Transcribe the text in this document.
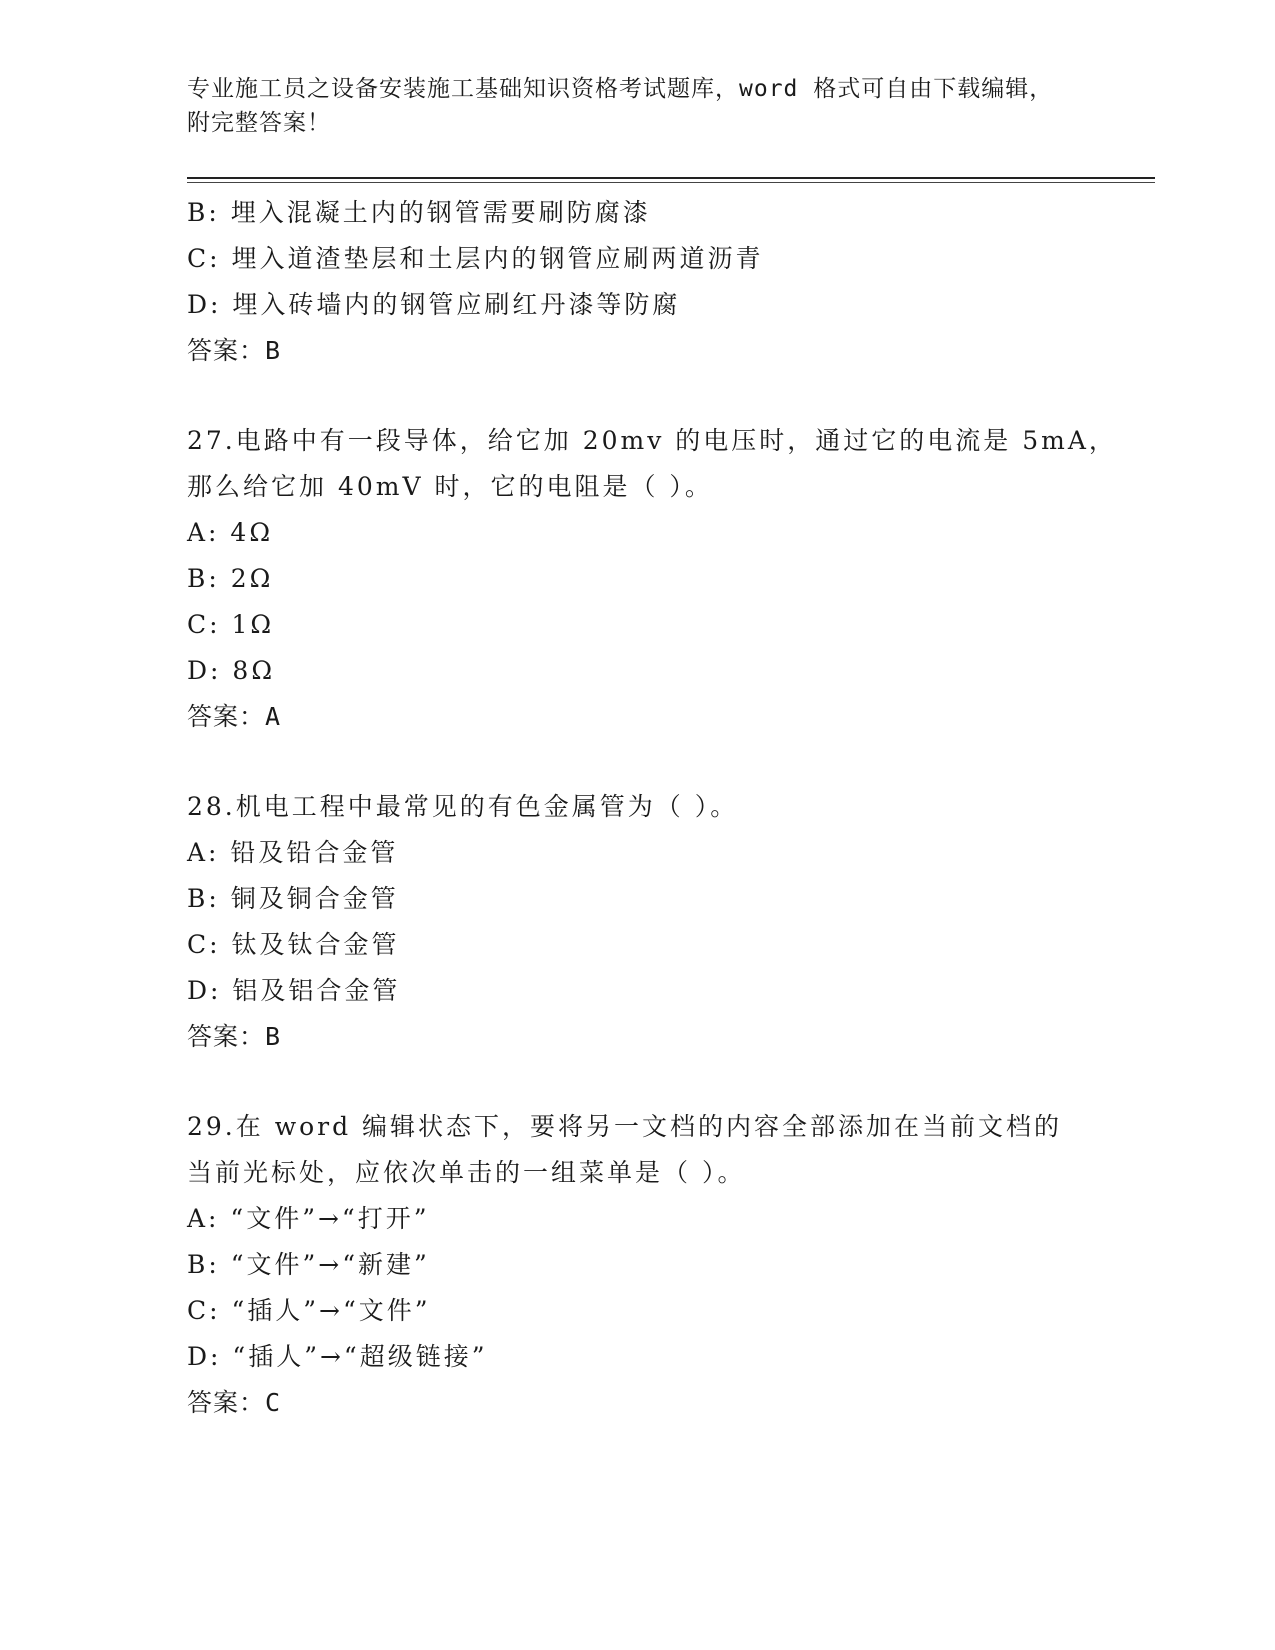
专业施工员之设备安装施工基础知识资格考试题库，word 格式可自由下载编辑，
附完整答案！
B: 埋入混凝土内的钢管需要刷防腐漆
C: 埋入道渣垫层和土层内的钢管应刷两道沥青
D: 埋入砖墙内的钢管应刷红丹漆等防腐
答案：B
27.电路中有一段导体，给它加 20mv 的电压时，通过它的电流是 5mA，
那么给它加 40mV 时，它的电阻是（ ）。
A: 4Ω
B: 2Ω
C: 1Ω
D: 8Ω
答案：A
28.机电工程中最常见的有色金属管为（ ）。
A: 铅及铅合金管
B: 铜及铜合金管
C: 钛及钛合金管
D: 铝及铝合金管
答案：B
29.在 word 编辑状态下，要将另一文档的内容全部添加在当前文档的
当前光标处，应依次单击的一组菜单是（ ）。
A: “文件”→“打开”
B: “文件”→“新建”
C: “插人”→“文件”
D: “插人”→“超级链接”
答案：C
